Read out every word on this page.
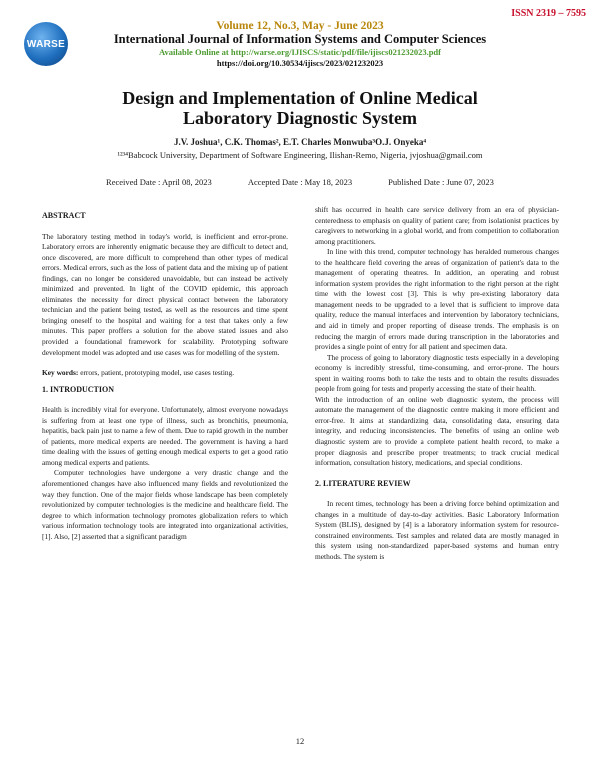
ISSN 2319 – 7595
WARSE
Volume 12, No.3, May - June 2023
International Journal of Information Systems and Computer Sciences
Available Online at http://warse.org/IJISCS/static/pdf/file/ijiscs021232023.pdf
https://doi.org/10.30534/ijiscs/2023/021232023
Design and Implementation of Online Medical
Laboratory Diagnostic System
J.V. Joshua¹, C.K. Thomas², E.T. Charles Monwuba³O.J. Onyeka⁴
¹²³⁴Babcock University, Department of Software Engineering, Ilishan-Remo, Nigeria, jvjoshua@gmail.com
Received Date : April 08, 2023	Accepted Date : May 18, 2023	Published Date : June 07, 2023

ABSTRACT

The laboratory testing method in today's world, is inefficient and error-prone. Laboratory errors are inherently enigmatic because they are difficult to detect and, once discovered, are more difficult to comprehend than other types of medical errors. Medical errors, such as the loss of patient data and the mixing up of patient findings, can no longer be considered unavoidable, but can instead be actively minimized and prevented. In light of the COVID epidemic, this approach eliminates the necessity for direct physical contact between the laboratory technician and the patient being tested, as well as the resources and time spent bringing oneself to the hospital and waiting for a test that takes only a few minutes. This paper proffers a solution for the above stated issues and also provided a foundational framework for scalability. Prototyping software development model was adopted and use cases was for modelling of the system.

Key words: errors, patient, prototyping model, use cases testing.

1. INTRODUCTION

Health is incredibly vital for everyone. Unfortunately, almost everyone nowadays is suffering from at least one type of illness, such as bronchitis, pneumonia, hepatitis, back pain just to name a few of them. Due to rapid growth in the number of patients, more medical experts are needed. The government is having a hard time dealing with the issues of getting enough medical experts to get a good ratio among medical experts and patients.

Computer technologies have undergone a very drastic change and the aforementioned changes have also influenced many fields and revolutionized the way they function. One of the major fields whose landscape has been completely revolutionized by computer technologies is the medicine and healthcare field. The degree to which information technology promotes globalization refers to which various information technology tools are integrated into organizational activities,[1]. Also, [2] asserted that a significant paradigm

shift has occurred in health care service delivery from an era of physician-centeredness to emphasis on quality of patient care; from isolationist practices by caregivers to networking in a global world, and from competition to collaboration among practitioners.

In line with this trend, computer technology has heralded numerous changes to the healthcare field covering the areas of organization of patient's data to the management of operating theatres. In addition, an operating and robust information system provides the right information to the right person at the right time with the lowest cost [3]. This is why pre-existing laboratory data management needs to be upgraded to a level that is sufficient to improve data quality, reduce the manual interfaces and intervention by laboratory technicians, and aid in timely and proper reporting of disease trends. The emphasis is on reducing the margin of errors made during transcription in the laboratories and provides a single point of entry for all patient and specimen data.

The process of going to laboratory diagnostic tests especially in a developing economy is incredibly stressful, time-consuming, and error-prone. The hours spent in waiting rooms both to take the tests and to obtain the results dissuades people from going for tests and properly accessing the state of their health.

With the introduction of an online web diagnostic system, the process will automate the management of the diagnostic centre making it more efficient and error-free. It aims at standardizing data, consolidating data, ensuring data integrity, and reducing inconsistencies. The benefits of using an online web diagnostic system are to provide a complete patient health record, to make a proper diagnosis and prescribe proper treatments; to track crucial medical information, consultation history, medications, and special conditions.

2. LITERATURE REVIEW

In recent times, technology has been a driving force behind optimization and changes in a multitude of day-to-day activities. Basic Laboratory Information System (BLIS), designed by [4] is a laboratory information system for resource-constrained environments. Test samples and related data are mostly managed in this system using non-standardized paper-based systems and human entry methods. The system is

12
